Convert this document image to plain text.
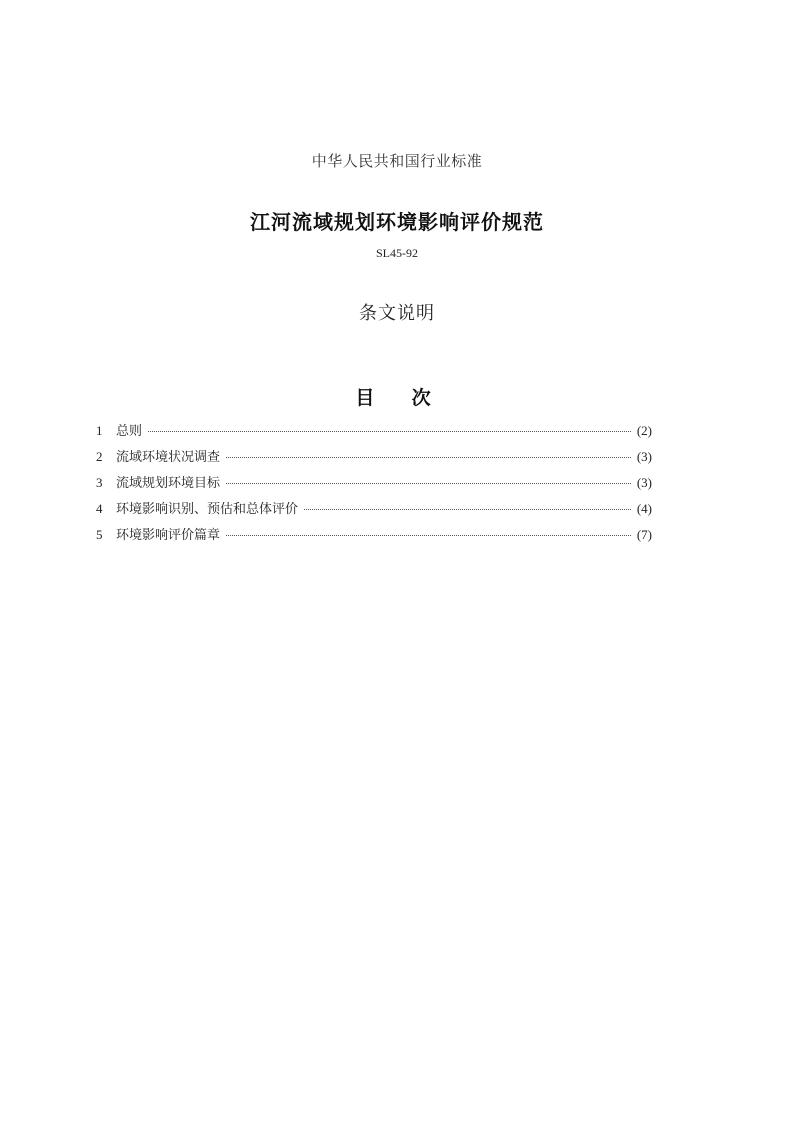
中华人民共和国行业标准
江河流域规划环境影响评价规范
SL45-92
条文说明
目  次
1	总则	(2)
2	流域环境状况调查	(3)
3	流域规划环境目标	(3)
4	环境影响识别、预估和总体评价	(4)
5	环境影响评价篇章	(7)
